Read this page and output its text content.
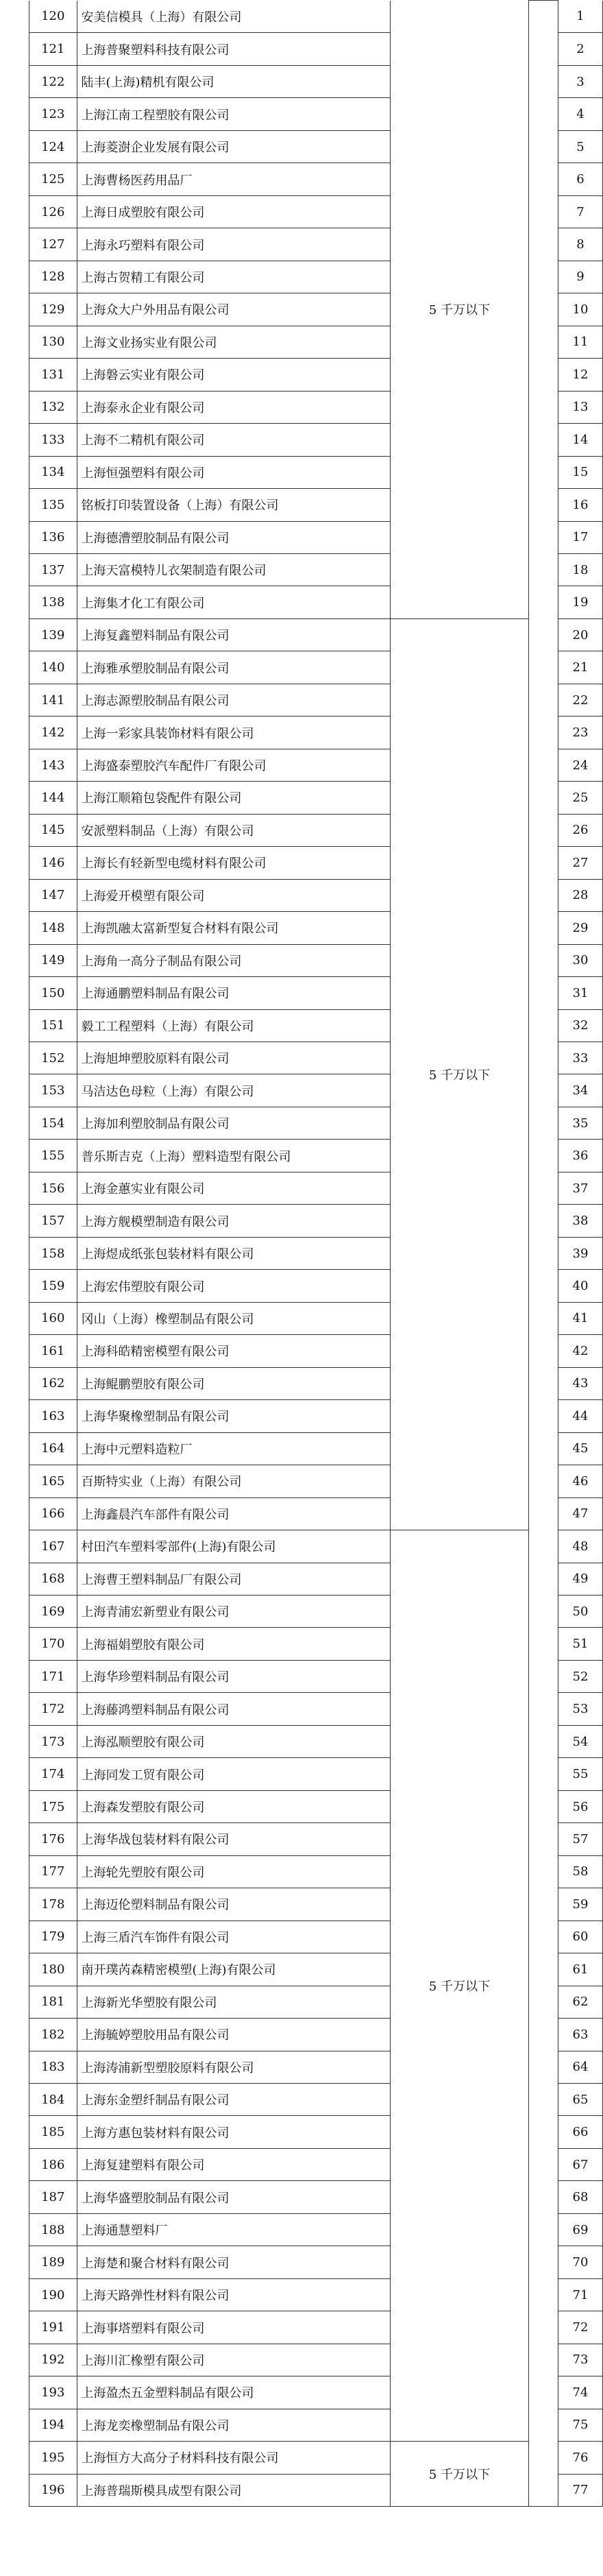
120	安美信模具（上海）有限公司	5 千万以下		1
121	上海普聚塑料科技有限公司			2
122	陆丰(上海)精机有限公司			3
123	上海江南工程塑胶有限公司			4
124	上海菱澍企业发展有限公司			5
125	上海曹杨医药用品厂			6
126	上海日成塑胶有限公司			7
127	上海永巧塑料有限公司			8
128	上海古贺精工有限公司			9
129	上海众大户外用品有限公司			10
130	上海文业扬实业有限公司			11
131	上海磐云实业有限公司			12
132	上海泰永企业有限公司			13
133	上海不二精机有限公司			14
134	上海恒强塑料有限公司			15
135	铭板打印装置设备（上海）有限公司			16
136	上海德漕塑胶制品有限公司			17
137	上海天富模特儿衣架制造有限公司			18
138	上海集才化工有限公司			19
139	上海复鑫塑料制品有限公司	5 千万以下		20
140	上海雅承塑胶制品有限公司			21
141	上海志源塑胶制品有限公司			22
142	上海一彩家具装饰材料有限公司			23
143	上海盛泰塑胶汽车配件厂有限公司			24
144	上海江顺箱包袋配件有限公司			25
145	安派塑料制品（上海）有限公司			26
146	上海长有轻新型电缆材料有限公司			27
147	上海爱开模塑有限公司			28
148	上海凯融太富新型复合材料有限公司			29
149	上海角一高分子制品有限公司			30
150	上海通鹏塑料制品有限公司			31
151	毅工工程塑料（上海）有限公司			32
152	上海旭坤塑胶原料有限公司			33
153	马洁达色母粒（上海）有限公司			34
154	上海加利塑胶制品有限公司			35
155	普乐斯吉克（上海）塑料造型有限公司			36
156	上海金蕙实业有限公司			37
157	上海方舰模塑制造有限公司			38
158	上海煜成纸张包装材料有限公司			39
159	上海宏伟塑胶有限公司			40
160	冈山（上海）橡塑制品有限公司			41
161	上海科皓精密模塑有限公司			42
162	上海鲲鹏塑胶有限公司			43
163	上海华聚橡塑制品有限公司			44
164	上海中元塑料造粒厂			45
165	百斯特实业（上海）有限公司			46
166	上海鑫晨汽车部件有限公司			47
167	村田汽车塑料零部件(上海)有限公司	5 千万以下		48
168	上海曹王塑料制品厂有限公司			49
169	上海青浦宏新塑业有限公司			50
170	上海福娟塑胶有限公司			51
171	上海华珍塑料制品有限公司			52
172	上海藤鸿塑料制品有限公司			53
173	上海泓顺塑胶有限公司			54
174	上海同发工贸有限公司			55
175	上海森发塑胶有限公司			56
176	上海华战包装材料有限公司			57
177	上海轮先塑胶有限公司			58
178	上海迈伦塑料制品有限公司			59
179	上海三盾汽车饰件有限公司			60
180	南开璞芮森精密模塑(上海)有限公司			61
181	上海新光华塑胶有限公司			62
182	上海毓婷塑胶用品有限公司			63
183	上海涛浦新型塑胶原料有限公司			64
184	上海东金塑纤制品有限公司			65
185	上海方惠包装材料有限公司			66
186	上海复建塑料有限公司			67
187	上海华盛塑胶制品有限公司			68
188	上海通慧塑料厂			69
189	上海楚和聚合材料有限公司			70
190	上海天路弹性材料有限公司			71
191	上海事塔塑料有限公司			72
192	上海川汇橡塑有限公司			73
193	上海盈杰五金塑料制品有限公司			74
194	上海龙奕橡塑制品有限公司			75
195	上海恒方大高分子材料科技有限公司	5 千万以下		76
196	上海普瑞斯模具成型有限公司			77
